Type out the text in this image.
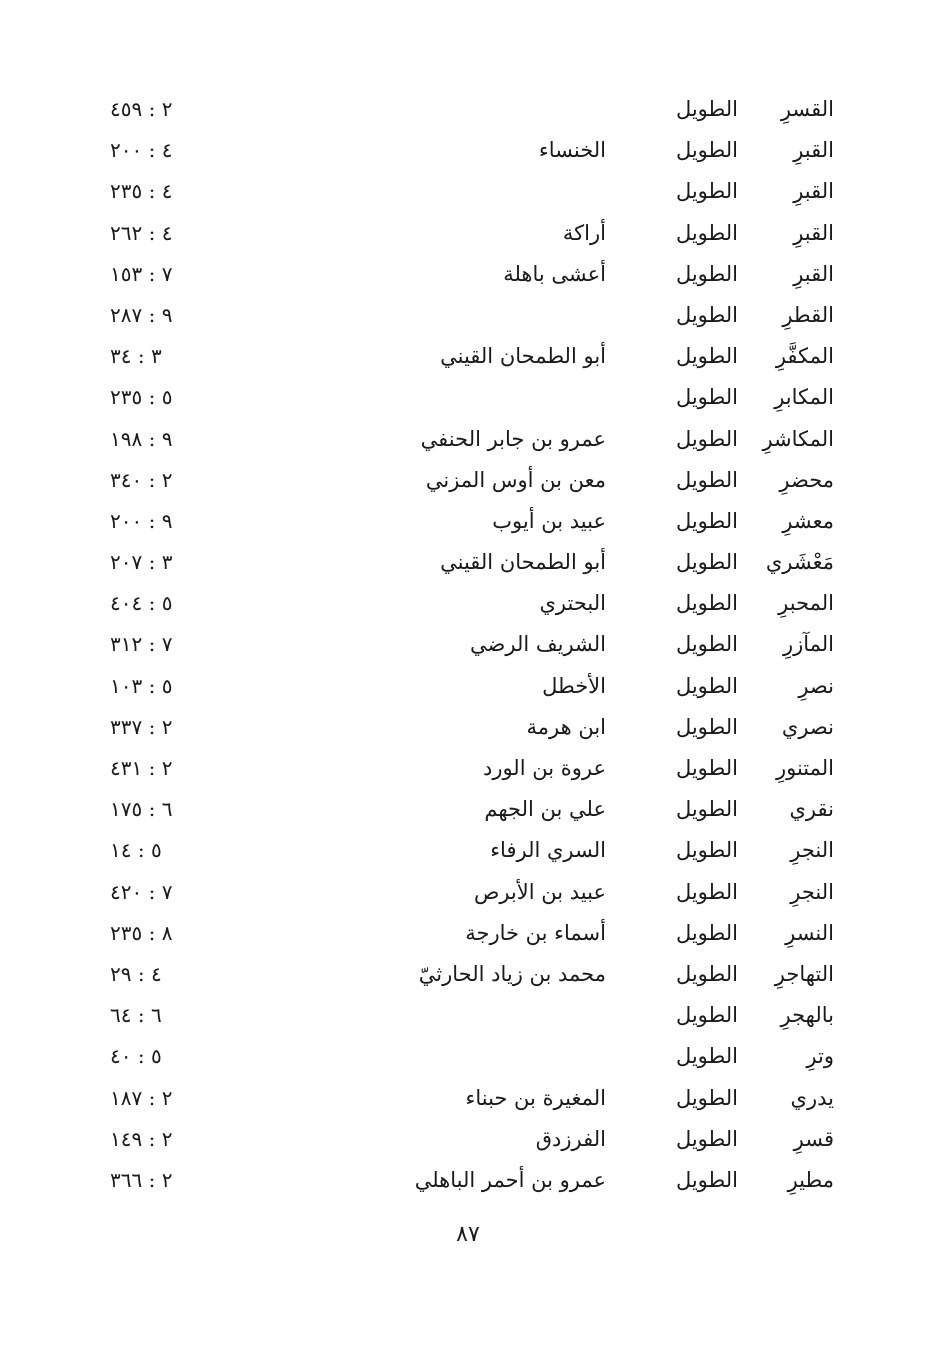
القسرِ
الطويل
٢ : ٤٥٩
القبرِ
الطويل
الخنساء
٤ : ٢٠٠
القبرِ
الطويل
٤ : ٢٣٥
القبرِ
الطويل
أراكة
٤ : ٢٦٢
القبرِ
الطويل
أعشى باهلة
٧ : ١٥٣
القطرِ
الطويل
٩ : ٢٨٧
المكفَّرِ
الطويل
أبو الطمحان القيني
٣ : ٣٤
المكابرِ
الطويل
٥ : ٢٣٥
المكاشرِ
الطويل
عمرو بن جابر الحنفي
٩ : ١٩٨
محضرِ
الطويل
معن بن أوس المزني
٢ : ٣٤٠
معشرِ
الطويل
عبيد بن أيوب
٩ : ٢٠٠
مَعْشَري
الطويل
أبو الطمحان القيني
٣ : ٢٠٧
المحبرِ
الطويل
البحتري
٥ : ٤٠٤
المآزرِ
الطويل
الشريف الرضي
٧ : ٣١٢
نصرِ
الطويل
الأخطل
٥ : ١٠٣
نصري
الطويل
ابن هرمة
٢ : ٣٣٧
المتنورِ
الطويل
عروة بن الورد
٢ : ٤٣١
نقري
الطويل
علي بن الجهم
٦ : ١٧٥
النجرِ
الطويل
السري الرفاء
٥ : ١٤
النجرِ
الطويل
عبيد بن الأبرص
٧ : ٤٢٠
النسرِ
الطويل
أسماء بن خارجة
٨ : ٢٣٥
التهاجرِ
الطويل
محمد بن زياد الحارثيّ
٤ : ٢٩
بالهجرِ
الطويل
٦ : ٦٤
وترِ
الطويل
٥ : ٤٠
يدري
الطويل
المغيرة بن حبناء
٢ : ١٨٧
قسرِ
الطويل
الفرزدق
٢ : ١٤٩
مطيرِ
الطويل
عمرو بن أحمر الباهلي
٢ : ٣٦٦
٨٧
